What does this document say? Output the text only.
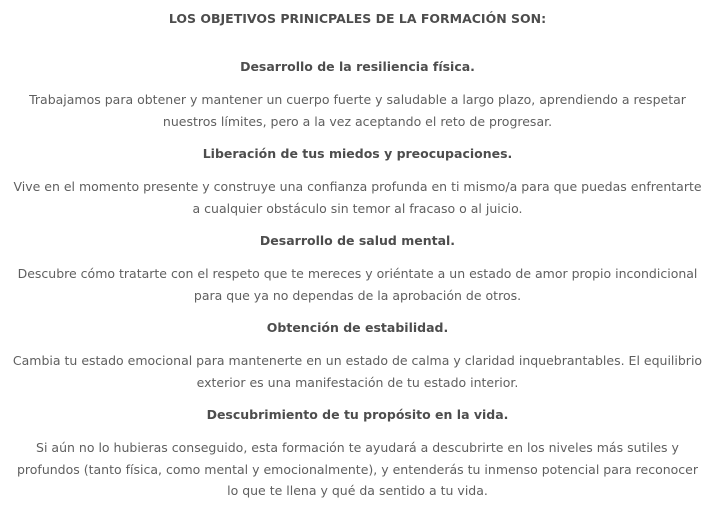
LOS OBJETIVOS PRINICPALES DE LA FORMACIÓN SON:
Desarrollo de la resiliencia física.

Trabajamos para obtener y mantener un cuerpo fuerte y saludable a largo plazo, aprendiendo a respetar nuestros límites, pero a la vez aceptando el reto de progresar.

Liberación de tus miedos y preocupaciones.

Vive en el momento presente y construye una confianza profunda en ti mismo/a para que puedas enfrentarte a cualquier obstáculo sin temor al fracaso o al juicio.

Desarrollo de salud mental.

Descubre cómo tratarte con el respeto que te mereces y oriéntate a un estado de amor propio incondicional para que ya no dependas de la aprobación de otros.

Obtención de estabilidad.

Cambia tu estado emocional para mantenerte en un estado de calma y claridad inquebrantables. El equilibrio exterior es una manifestación de tu estado interior.

Descubrimiento de tu propósito en la vida.

Si aún no lo hubieras conseguido, esta formación te ayudará a descubrirte en los niveles más sutiles y profundos (tanto física, como mental y emocionalmente), y entenderás tu inmenso potencial para reconocer lo que te llena y qué da sentido a tu vida.
